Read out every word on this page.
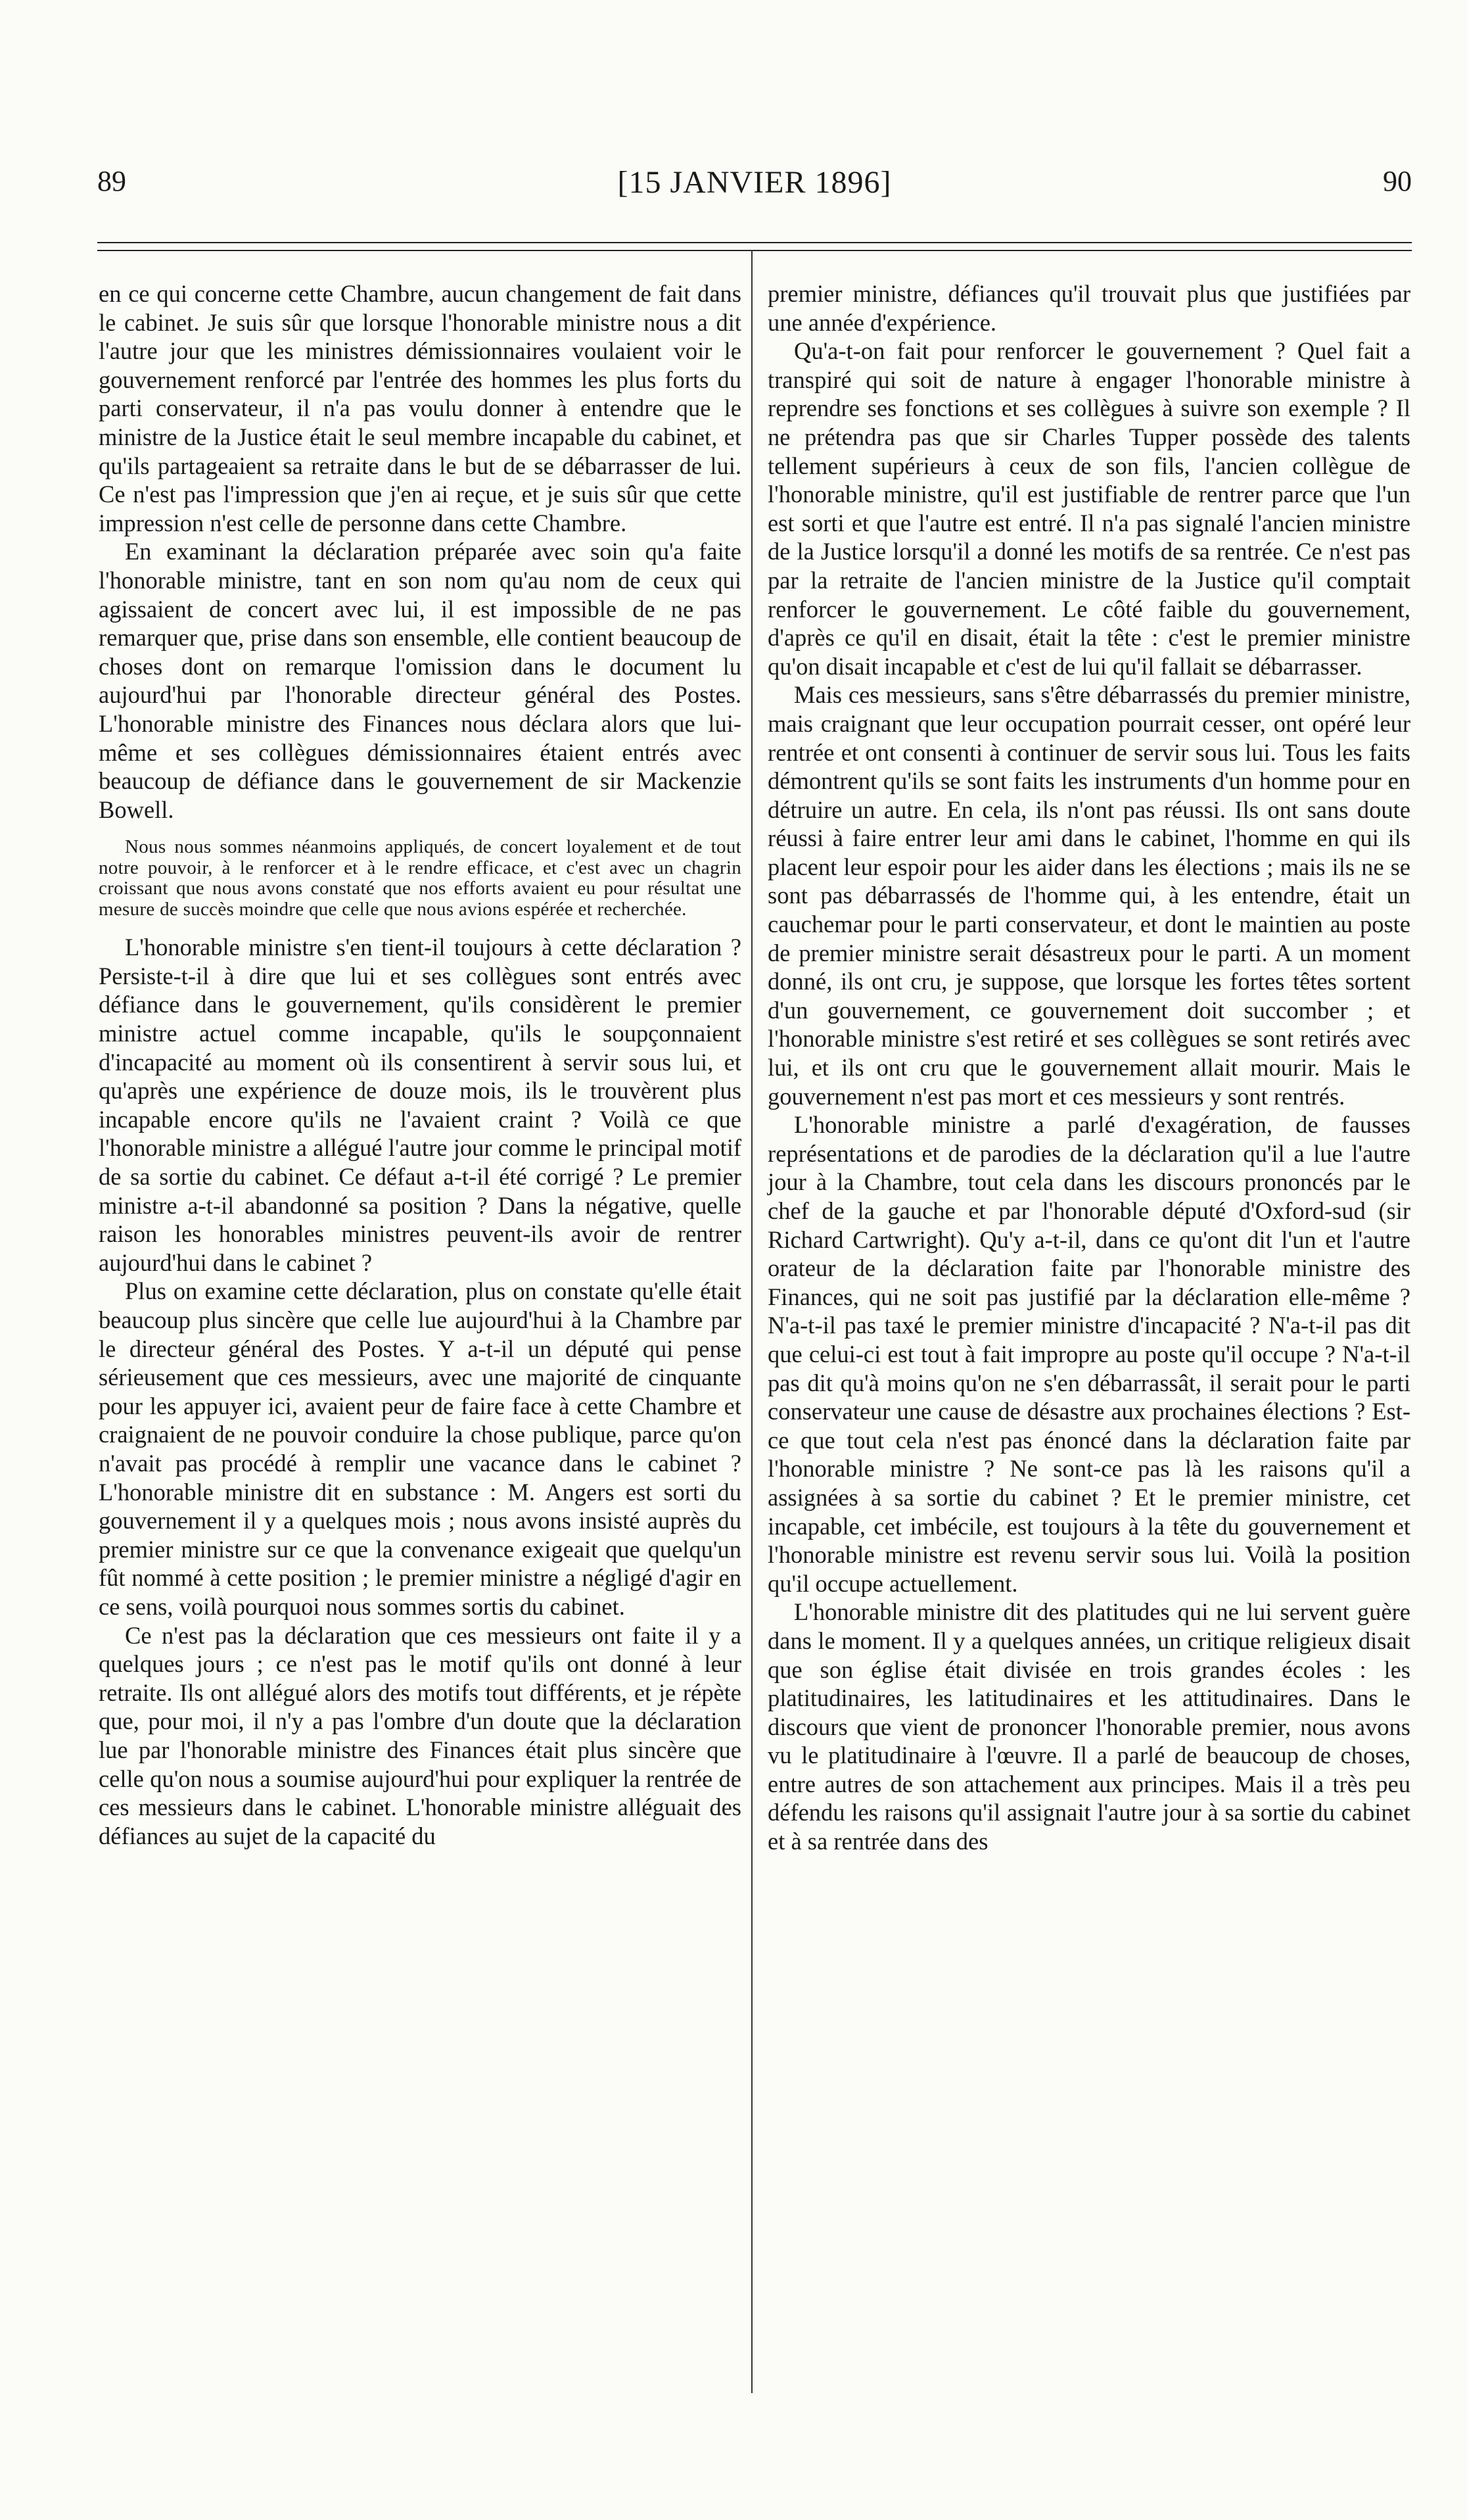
89	[15 JANVIER 1896]	90

en ce qui concerne cette Chambre, aucun changement de fait dans le cabinet. Je suis sûr que lorsque l'honorable ministre nous a dit l'autre jour que les ministres démissionnaires voulaient voir le gouvernement renforcé par l'entrée des hommes les plus forts du parti conservateur, il n'a pas voulu donner à entendre que le ministre de la Justice était le seul membre incapable du cabinet, et qu'ils partageaient sa retraite dans le but de se débarrasser de lui. Ce n'est pas l'impression que j'en ai reçue, et je suis sûr que cette impression n'est celle de personne dans cette Chambre.

En examinant la déclaration préparée avec soin qu'a faite l'honorable ministre, tant en son nom qu'au nom de ceux qui agissaient de concert avec lui, il est impossible de ne pas remarquer que, prise dans son ensemble, elle contient beaucoup de choses dont on remarque l'omission dans le document lu aujourd'hui par l'honorable directeur général des Postes. L'honorable ministre des Finances nous déclara alors que lui-même et ses collègues démissionnaires étaient entrés avec beaucoup de défiance dans le gouvernement de sir Mackenzie Bowell.

Nous nous sommes néanmoins appliqués, de concert loyalement et de tout notre pouvoir, à le renforcer et à le rendre efficace, et c'est avec un chagrin croissant que nous avons constaté que nos efforts avaient eu pour résultat une mesure de succès moindre que celle que nous avions espérée et recherchée.

L'honorable ministre s'en tient-il toujours à cette déclaration ? Persiste-t-il à dire que lui et ses collègues sont entrés avec défiance dans le gouvernement, qu'ils considèrent le premier ministre actuel comme incapable, qu'ils le soupçonnaient d'incapacité au moment où ils consentirent à servir sous lui, et qu'après une expérience de douze mois, ils le trouvèrent plus incapable encore qu'ils ne l'avaient craint ? Voilà ce que l'honorable ministre a allégué l'autre jour comme le principal motif de sa sortie du cabinet. Ce défaut a-t-il été corrigé ? Le premier ministre a-t-il abandonné sa position ? Dans la négative, quelle raison les honorables ministres peuvent-ils avoir de rentrer aujourd'hui dans le cabinet ?

Plus on examine cette déclaration, plus on constate qu'elle était beaucoup plus sincère que celle lue aujourd'hui à la Chambre par le directeur général des Postes. Y a-t-il un député qui pense sérieusement que ces messieurs, avec une majorité de cinquante pour les appuyer ici, avaient peur de faire face à cette Chambre et craignaient de ne pouvoir conduire la chose publique, parce qu'on n'avait pas procédé à remplir une vacance dans le cabinet ? L'honorable ministre dit en substance : M. Angers est sorti du gouvernement il y a quelques mois ; nous avons insisté auprès du premier ministre sur ce que la convenance exigeait que quelqu'un fût nommé à cette position ; le premier ministre a négligé d'agir en ce sens, voilà pourquoi nous sommes sortis du cabinet.

Ce n'est pas la déclaration que ces messieurs ont faite il y a quelques jours ; ce n'est pas le motif qu'ils ont donné à leur retraite. Ils ont allégué alors des motifs tout différents, et je répète que, pour moi, il n'y a pas l'ombre d'un doute que la déclaration lue par l'honorable ministre des Finances était plus sincère que celle qu'on nous a soumise aujourd'hui pour expliquer la rentrée de ces messieurs dans le cabinet. L'honorable ministre alléguait des défiances au sujet de la capacité du

premier ministre, défiances qu'il trouvait plus que justifiées par une année d'expérience.

Qu'a-t-on fait pour renforcer le gouvernement ? Quel fait a transpiré qui soit de nature à engager l'honorable ministre à reprendre ses fonctions et ses collègues à suivre son exemple ? Il ne prétendra pas que sir Charles Tupper possède des talents tellement supérieurs à ceux de son fils, l'ancien collègue de l'honorable ministre, qu'il est justifiable de rentrer parce que l'un est sorti et que l'autre est entré. Il n'a pas signalé l'ancien ministre de la Justice lorsqu'il a donné les motifs de sa rentrée. Ce n'est pas par la retraite de l'ancien ministre de la Justice qu'il comptait renforcer le gouvernement. Le côté faible du gouvernement, d'après ce qu'il en disait, était la tête : c'est le premier ministre qu'on disait incapable et c'est de lui qu'il fallait se débarrasser.

Mais ces messieurs, sans s'être débarrassés du premier ministre, mais craignant que leur occupation pourrait cesser, ont opéré leur rentrée et ont consenti à continuer de servir sous lui. Tous les faits démontrent qu'ils se sont faits les instruments d'un homme pour en détruire un autre. En cela, ils n'ont pas réussi. Ils ont sans doute réussi à faire entrer leur ami dans le cabinet, l'homme en qui ils placent leur espoir pour les aider dans les élections ; mais ils ne se sont pas débarrassés de l'homme qui, à les entendre, était un cauchemar pour le parti conservateur, et dont le maintien au poste de premier ministre serait désastreux pour le parti. A un moment donné, ils ont cru, je suppose, que lorsque les fortes têtes sortent d'un gouvernement, ce gouvernement doit succomber ; et l'honorable ministre s'est retiré et ses collègues se sont retirés avec lui, et ils ont cru que le gouvernement allait mourir. Mais le gouvernement n'est pas mort et ces messieurs y sont rentrés.

L'honorable ministre a parlé d'exagération, de fausses représentations et de parodies de la déclaration qu'il a lue l'autre jour à la Chambre, tout cela dans les discours prononcés par le chef de la gauche et par l'honorable député d'Oxford-sud (sir Richard Cartwright). Qu'y a-t-il, dans ce qu'ont dit l'un et l'autre orateur de la déclaration faite par l'honorable ministre des Finances, qui ne soit pas justifié par la déclaration elle-même ? N'a-t-il pas taxé le premier ministre d'incapacité ? N'a-t-il pas dit que celui-ci est tout à fait impropre au poste qu'il occupe ? N'a-t-il pas dit qu'à moins qu'on ne s'en débarrassât, il serait pour le parti conservateur une cause de désastre aux prochaines élections ? Est-ce que tout cela n'est pas énoncé dans la déclaration faite par l'honorable ministre ? Ne sont-ce pas là les raisons qu'il a assignées à sa sortie du cabinet ? Et le premier ministre, cet incapable, cet imbécile, est toujours à la tête du gouvernement et l'honorable ministre est revenu servir sous lui. Voilà la position qu'il occupe actuellement.

L'honorable ministre dit des platitudes qui ne lui servent guère dans le moment. Il y a quelques années, un critique religieux disait que son église était divisée en trois grandes écoles : les platitudinaires, les latitudinaires et les attitudinaires. Dans le discours que vient de prononcer l'honorable premier, nous avons vu le platitudinaire à l'œuvre. Il a parlé de beaucoup de choses, entre autres de son attachement aux principes. Mais il a très peu défendu les raisons qu'il assignait l'autre jour à sa sortie du cabinet et à sa rentrée dans des
